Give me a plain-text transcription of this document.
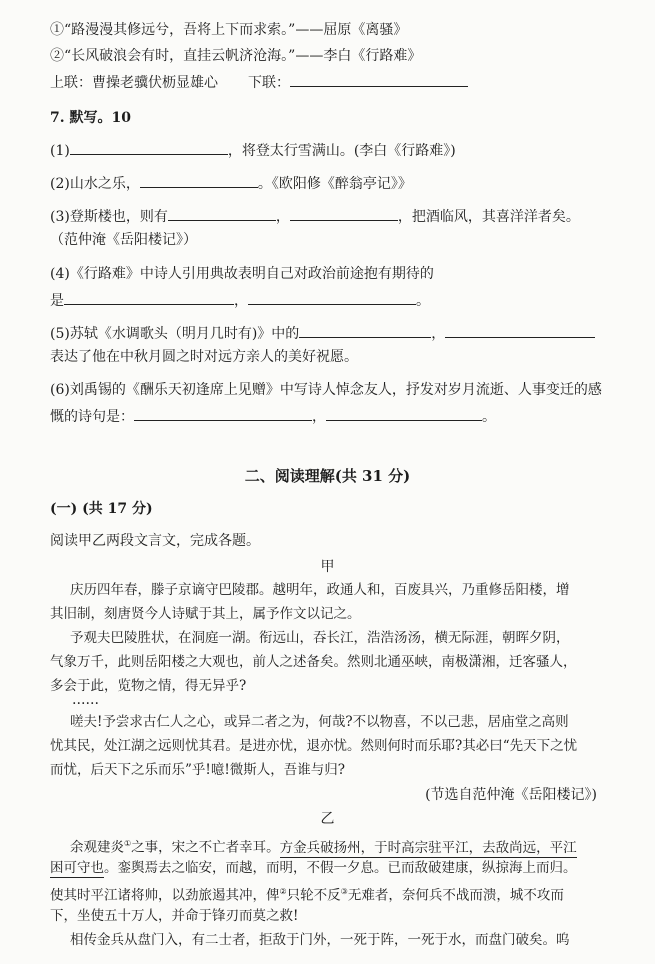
①“路漫漫其修远兮，吾将上下而求索。”——屈原《离骚》
②“长风破浪会有时，直挂云帆济沧海。”——李白《行路难》
上联：曹操老骥伏枥显雄心 下联：
7. 默写。10
(1)	，将登太行雪满山。(李白《行路难》)
(2)山水之乐，	。《欧阳修《醉翁亭记》》
(3)登斯楼也，则有	，	，把酒临风，其喜洋洋者矣。
（范仲淹《岳阳楼记》）
(4)《行路难》中诗人引用典故表明自己对政治前途抱有期待的
是	，	。
(5)苏轼《水调歌头（明月几时有)》中的	，
表达了他在中秋月圆之时对远方亲人的美好祝愿。
(6)刘禹锡的《酬乐天初逢席上见赠》中写诗人悼念友人，抒发对岁月流逝、人事变迁的感
慨的诗句是：	，	。
二、阅读理解(共 31 分)
(一) (共 17 分)
阅读甲乙两段文言文，完成各题。
甲
庆历四年春，滕子京谪守巴陵郡。越明年，政通人和，百废具兴，乃重修岳阳楼，增
其旧制，刻唐贤今人诗赋于其上，属予作文以记之。
予观夫巴陵胜状，在洞庭一湖。衔远山，吞长江，浩浩汤汤，横无际涯，朝晖夕阴，
气象万千，此则岳阳楼之大观也，前人之述备矣。然则北通巫峡，南极潇湘，迁客骚人，
多会于此，览物之情，得无异乎?
……
嗟夫!予尝求古仁人之心，或异二者之为，何哉?不以物喜，不以己悲，居庙堂之高则
忧其民，处江湖之远则忧其君。是进亦忧，退亦忧。然则何时而乐耶?其必曰“先天下之忧
而忧，后天下之乐而乐”乎!噫!微斯人，吾谁与归?
(节选自范仲淹《岳阳楼记》)
乙
余观建炎①之事，宋之不亡者幸耳。方金兵破扬州，于时高宗驻平江，去敌尚远，平江
困可守也。銮舆焉去之临安，而越，而明，不假一夕息。已而敌破建康，纵掠海上而归。
使其时平江诸将帅，以劲旅遏其冲，俾②只轮不反③无难者，奈何兵不战而溃，城不攻而
下，坐使五十万人，并命于锋刃而莫之救!
相传金兵从盘门入，有二士者，拒敌于门外，一死于阵，一死于水，而盘门破矣。呜
